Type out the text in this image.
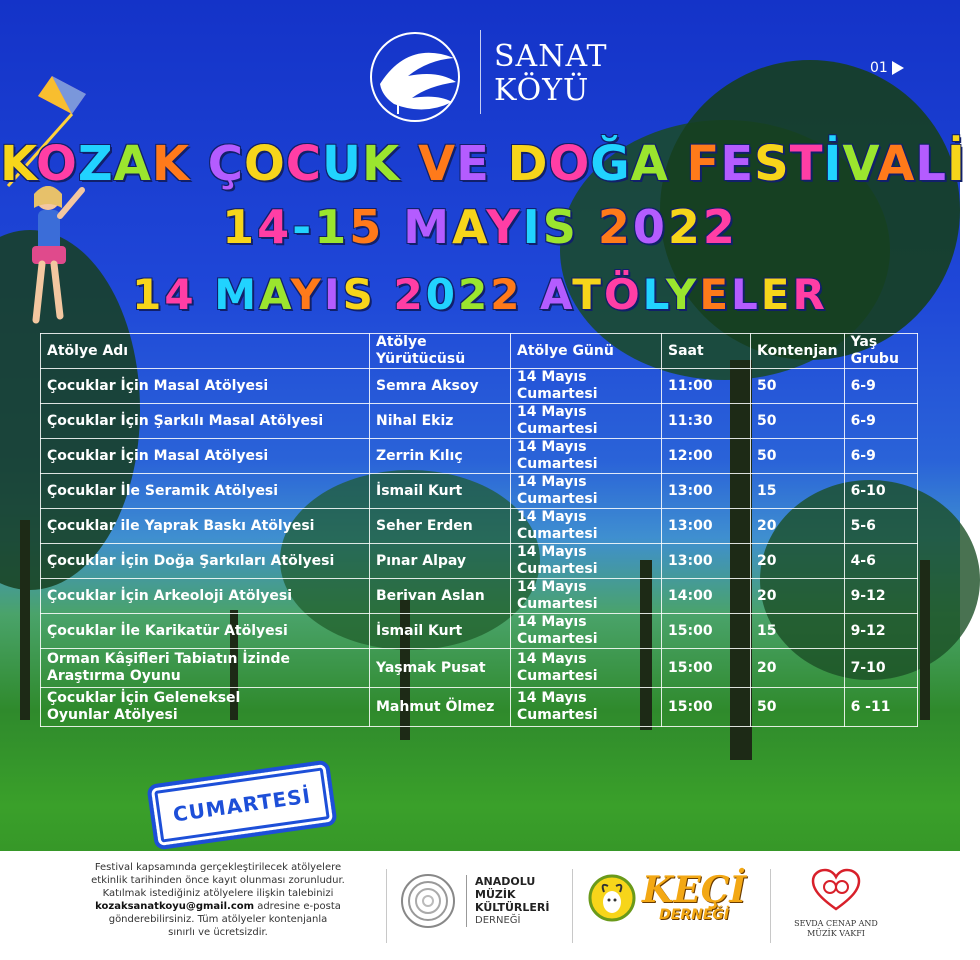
SANAT
KÖYÜ
01
KOZAK ÇOCUK VE DOĞA FESTİVALİ
14-15 MAYIS 2022
14 MAYIS 2022 ATÖLYELER
Atölye Adı	Atölye Yürütücüsü	Atölye Günü	Saat	Kontenjan	Yaş Grubu
Çocuklar İçin Masal Atölyesi	Semra Aksoy	14 Mayıs Cumartesi	11:00	50	6-9
Çocuklar İçin Şarkılı Masal Atölyesi	Nihal Ekiz	14 Mayıs Cumartesi	11:30	50	6-9
Çocuklar İçin Masal Atölyesi	Zerrin Kılıç	14 Mayıs Cumartesi	12:00	50	6-9
Çocuklar İle Seramik Atölyesi	İsmail Kurt	14 Mayıs Cumartesi	13:00	15	6-10
Çocuklar ile Yaprak Baskı Atölyesi	Seher Erden	14 Mayıs Cumartesi	13:00	20	5-6
Çocuklar İçin Doğa Şarkıları Atölyesi	Pınar Alpay	14 Mayıs Cumartesi	13:00	20	4-6
Çocuklar İçin Arkeoloji Atölyesi	Berivan Aslan	14 Mayıs Cumartesi	14:00	20	9-12
Çocuklar İle Karikatür Atölyesi	İsmail Kurt	14 Mayıs Cumartesi	15:00	15	9-12
Orman Kâşifleri Tabiatın İzinde
Araştırma Oyunu	Yaşmak Pusat	14 Mayıs Cumartesi	15:00	20	7-10
Çocuklar İçin Geleneksel
Oyunlar Atölyesi	Mahmut Ölmez	14 Mayıs Cumartesi	15:00	50	6 -11
CUMARTESİ
Festival kapsamında gerçekleştirilecek atölyelere
etkinlik tarihinden önce kayıt olunması zorunludur.
Katılmak istediğiniz atölyelere ilişkin talebinizi
kozaksanatkoyu@gmail.com adresine e-posta
gönderebilirsiniz. Tüm atölyeler kontenjanla
sınırlı ve ücretsizdir.
ANADOLU
MÜZİK
KÜLTÜRLERİ
DERNEĞİ
KEÇİ
DERNEĞİ
SEVDA CENAP AND
MÜZİK VAKFI
